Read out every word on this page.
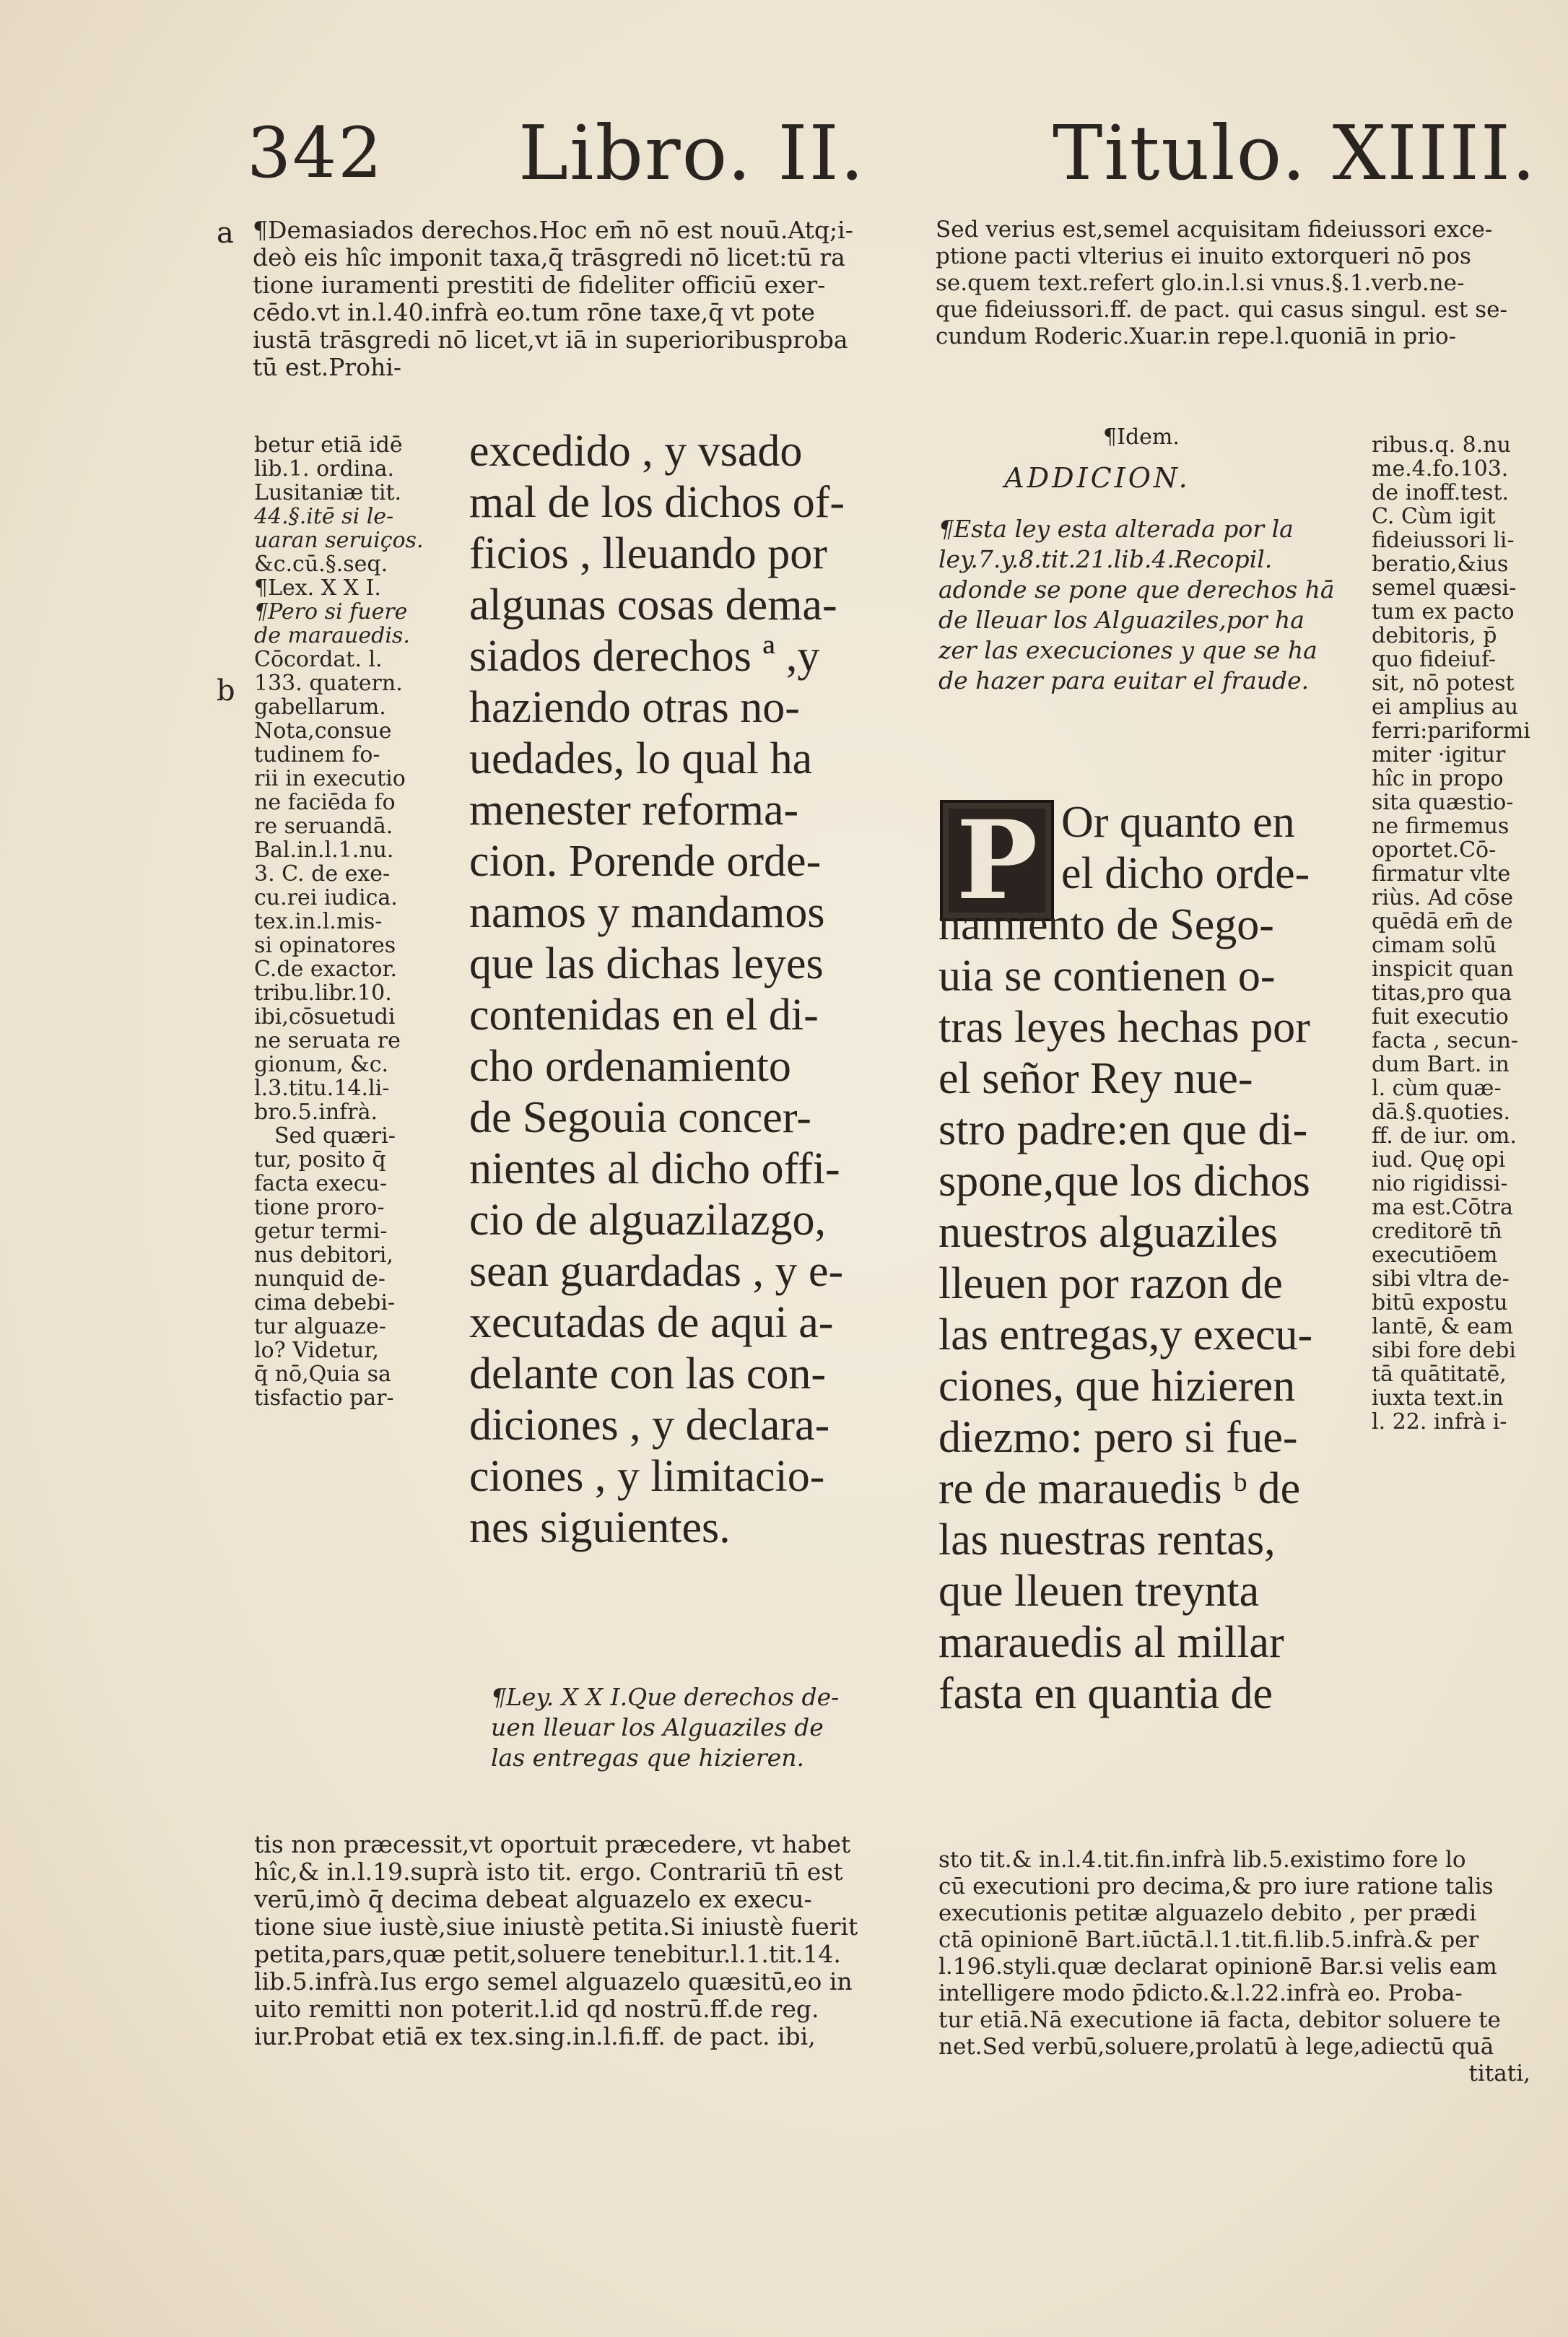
342 Libro. II. Titulo. XIIII.
a ¶Demasiados derechos.Hoc em̄ nō est nouū.Atq;i-
deò eis hîc imponit taxa,q̄ trāsgredi nō licet:tū ra
tione iuramenti prestiti de fideliter officiū exer-
cēdo.vt in.l.40.infrà eo.tum rōne taxe,q̄ vt pote
iustā trāsgredi nō licet,vt iā in superioribusproba
tū est.Prohi-
b
betur etiā idē
lib.1. ordina.
Lusitaniæ tit.
44.§.itē si le-
uaran seruiços.
&c.cū.§.seq.
¶Lex. X X I.
¶Pero si fuere
de marauedis.
Cōcordat. l.
133. quatern.
gabellarum.
Nota,consue
tudinem fo-
rii in executio
ne faciēda fo
re seruandā.
Bal.in.l.1.nu.
3. C. de exe-
cu.rei iudica.
tex.in.l.mis-
si opinatores
C.de exactor.
tribu.libr.10.
ibi,cōsuetudi
ne seruata re
gionum, &c.
l.3.titu.14.li-
bro.5.infrà.
Sed quæri-
tur, posito q̄
facta execu-
tione proro-
getur termi-
nus debitori,
nunquid de-
cima debebi-
tur alguaze-
lo? Videtur,
q̄ nō,Quia sa
tisfactio par-
excedido , y vsado
mal de los dichos of-
ficios , lleuando por
algunas cosas dema-
siados derechos ª ,y
haziendo otras no-
uedades, lo qual ha
menester reforma-
cion. Porende orde-
namos y mandamos
que las dichas leyes
contenidas en el di-
cho ordenamiento
de Segouia concer-
nientes al dicho offi-
cio de alguazilazgo,
sean guardadas , y e-
xecutadas de aqui a-
delante con las con-
diciones , y declara-
ciones , y limitacio-
nes siguientes.
¶Ley. X X I.Que derechos de-
uen lleuar los Alguaziles de
las entregas que hizieren.
tis non præcessit,vt oportuit præcedere, vt habet
hîc,& in.l.19.suprà isto tit. ergo. Contrariū tn̄ est
verū,imò q̄ decima debeat alguazelo ex execu-
tione siue iustè,siue iniustè petita.Si iniustè fuerit
petita,pars,quæ petit,soluere tenebitur.l.1.tit.14.
lib.5.infrà.Ius ergo semel alguazelo quæsitū,eo in
uito remitti non poterit.l.id qd nostrū.ff.de reg.
iur.Probat etiā ex tex.sing.in.l.fi.ff. de pact. ibi,
Sed verius est,semel acquisitam fideiussori exce-
ptione pacti vlterius ei inuito extorqueri nō pos
se.quem text.refert glo.in.l.si vnus.§.1.verb.ne-
que fideiussori.ff. de pact. qui casus singul. est se-
cundum Roderic.Xuar.in repe.l.quoniā in prio-
¶Idem.
ADDICION.
¶Esta ley esta alterada por la
ley.7.y.8.tit.21.lib.4.Recopil.
adonde se pone que derechos hā
de lleuar los Alguaziles,por ha
zer las execuciones y que se ha
de hazer para euitar el fraude.
P Or quanto en
el dicho orde-
namiento de Sego-
uia se contienen o-
tras leyes hechas por
el señor Rey nue-
stro padre:en que di-
spone,que los dichos
nuestros alguaziles
lleuen por razon de
las entregas,y execu-
ciones, que hizieren
diezmo: pero si fue-
re de marauedis ᵇ de
las nuestras rentas,
que lleuen treynta
marauedis al millar
fasta en quantia de
ribus.q. 8.nu
me.4.fo.103.
de inoff.test.
C. Cùm igit
fideiussori li-
beratio,&ius
semel quæsi-
tum ex pacto
debitoris, p̄
quo fideiuf-
sit, nō potest
ei amplius au
ferri:pariformi
miter ·igitur
hîc in propo
sita quæstio-
ne firmemus
oportet.Cō-
firmatur vlte
riùs. Ad cōse
quēdā em̄ de
cimam solū
inspicit quan
titas,pro qua
fuit executio
facta , secun-
dum Bart. in
l. cùm quæ-
dā.§.quoties.
ff. de iur. om.
iud. Quę opi
nio rigidissi-
ma est.Cōtra
creditorē tn̄
executiōem
sibi vltra de-
bitū expostu
lantē, & eam
sibi fore debi
tā quātitatē,
iuxta text.in
l. 22. infrà i-
sto tit.& in.l.4.tit.fin.infrà lib.5.existimo fore lo
cū executioni pro decima,& pro iure ratione talis
executionis petitæ alguazelo debito , per prædi
ctā opinionē Bart.iūctā.l.1.tit.fi.lib.5.infrà.& per
l.196.styli.quæ declarat opinionē Bar.si velis eam
intelligere modo p̄dicto.&.l.22.infrà eo. Proba-
tur etiā.Nā executione iā facta, debitor soluere te
net.Sed verbū,soluere,prolatū à lege,adiectū quā
titati,
